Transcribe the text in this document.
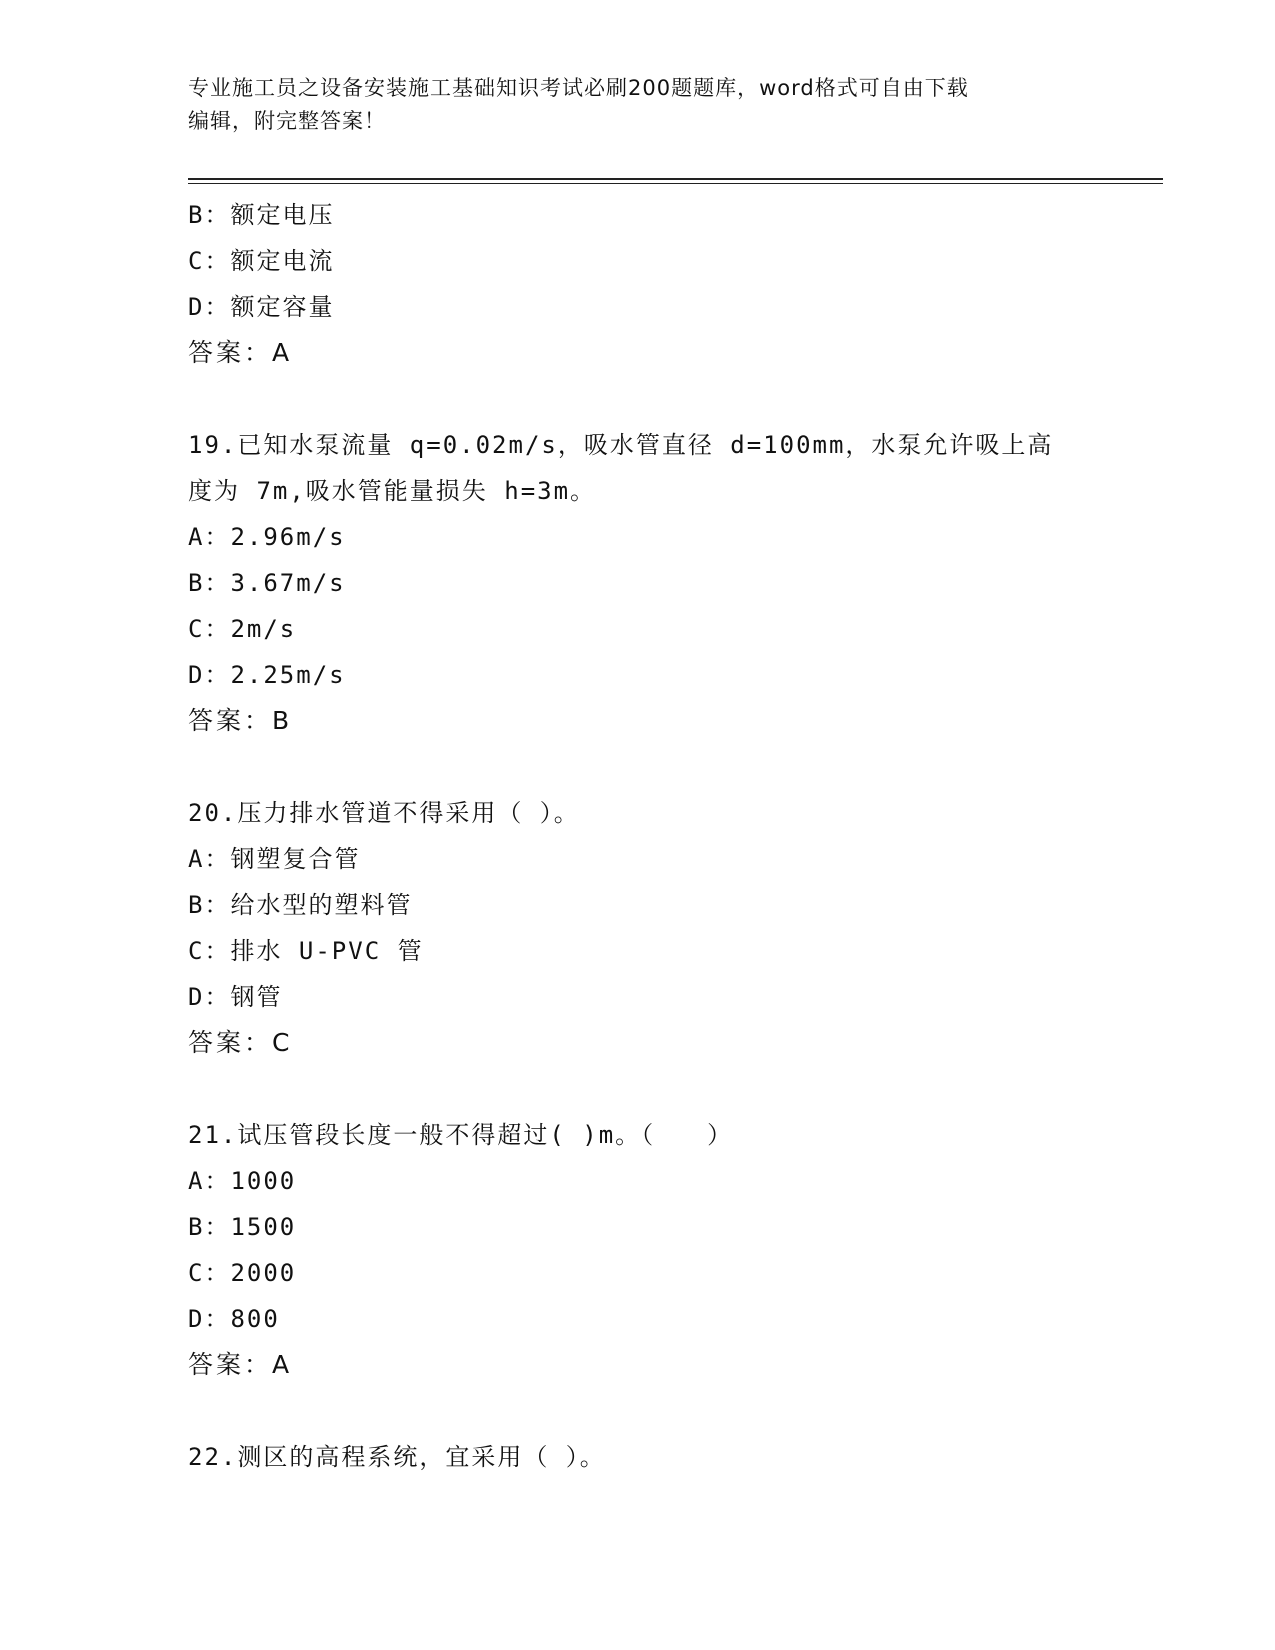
专业施工员之设备安装施工基础知识考试必刷200题题库，word格式可自由下载
编辑，附完整答案！
B：额定电压
C：额定电流
D：额定容量
答案：A
19.已知水泵流量 q=0.02m/s，吸水管直径 d=100mm，水泵允许吸上高
度为 7m,吸水管能量损失 h=3m。
A：2.96m/s
B：3.67m/s
C：2m/s
D：2.25m/s
答案：B
20.压力排水管道不得采用（ ）。
A：钢塑复合管
B：给水型的塑料管
C：排水 U-PVC 管
D：钢管
答案：C
21.试压管段长度一般不得超过( )m。（　　）
A：1000
B：1500
C：2000
D：800
答案：A
22.测区的高程系统，宜采用（ ）。
